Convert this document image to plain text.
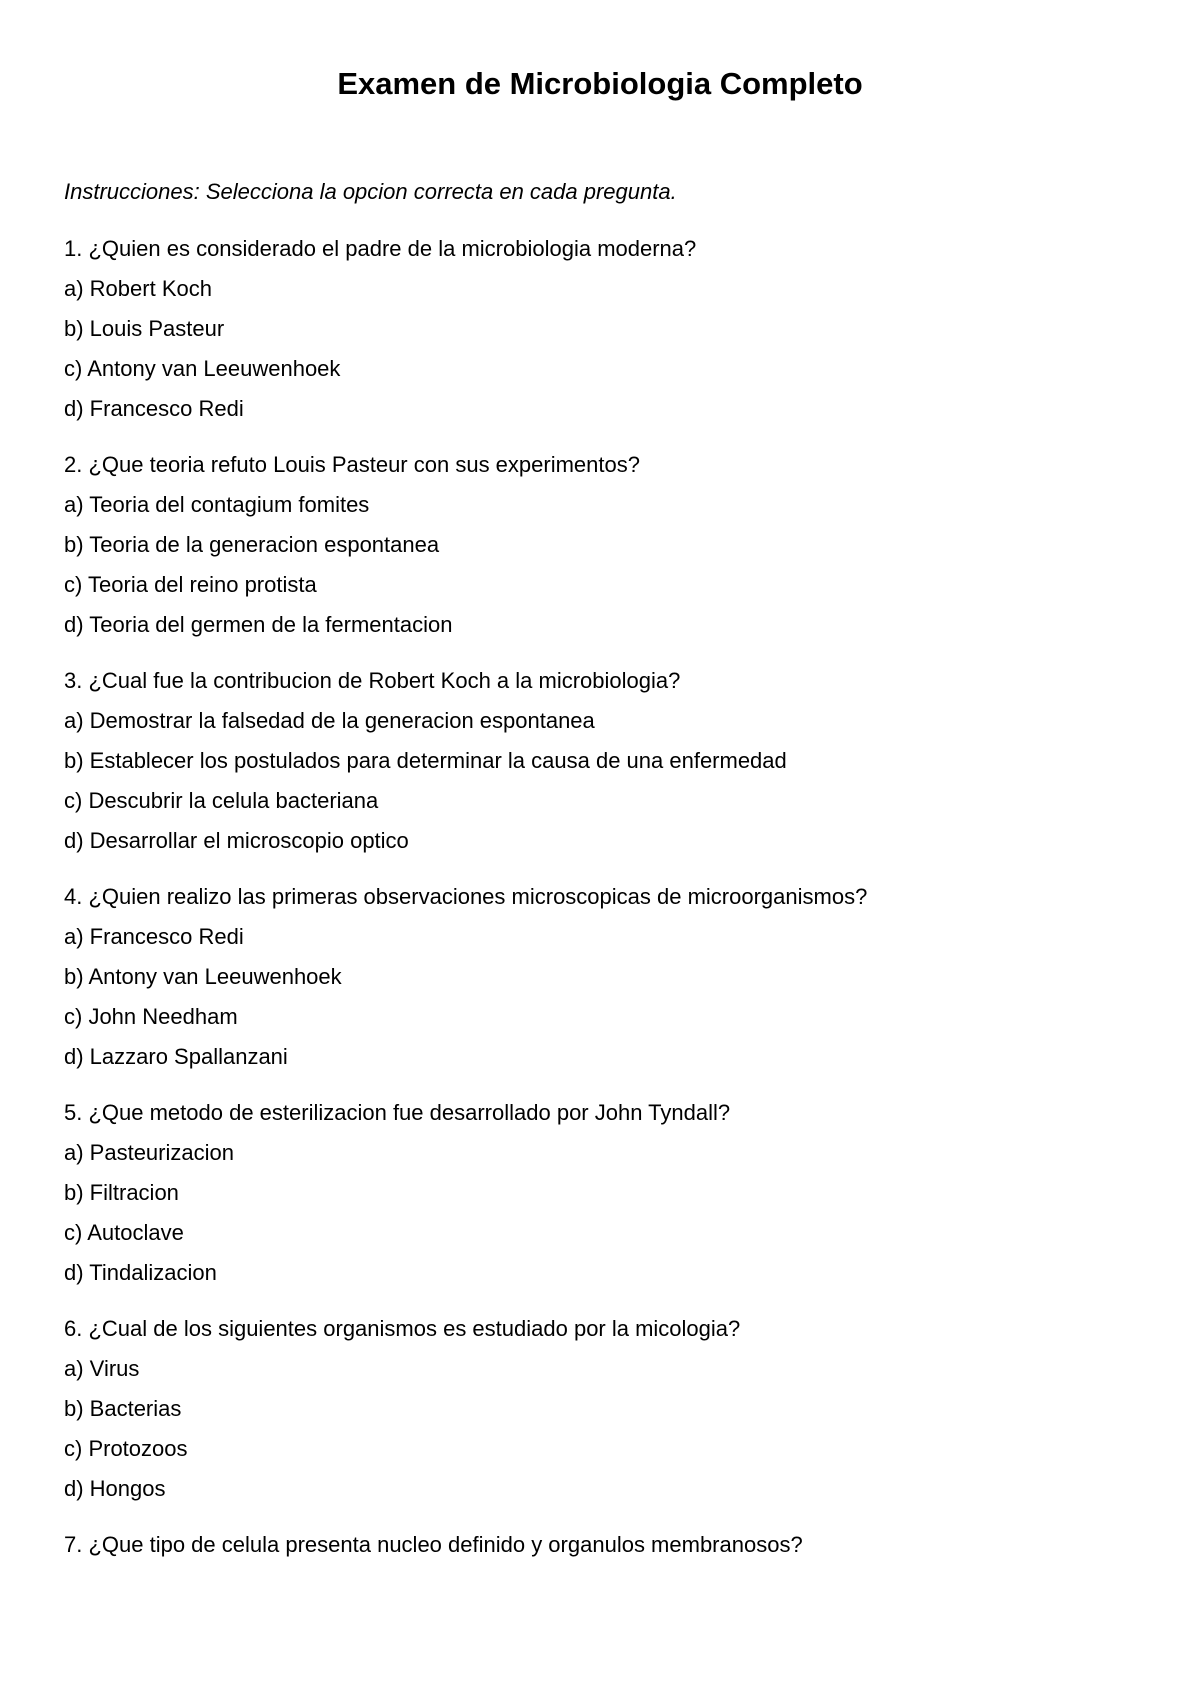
Examen de Microbiologia Completo

Instrucciones: Selecciona la opcion correcta en cada pregunta.

1. ¿Quien es considerado el padre de la microbiologia moderna?
a) Robert Koch
b) Louis Pasteur
c) Antony van Leeuwenhoek
d) Francesco Redi
2. ¿Que teoria refuto Louis Pasteur con sus experimentos?
a) Teoria del contagium fomites
b) Teoria de la generacion espontanea
c) Teoria del reino protista
d) Teoria del germen de la fermentacion
3. ¿Cual fue la contribucion de Robert Koch a la microbiologia?
a) Demostrar la falsedad de la generacion espontanea
b) Establecer los postulados para determinar la causa de una enfermedad
c) Descubrir la celula bacteriana
d) Desarrollar el microscopio optico
4. ¿Quien realizo las primeras observaciones microscopicas de microorganismos?
a) Francesco Redi
b) Antony van Leeuwenhoek
c) John Needham
d) Lazzaro Spallanzani
5. ¿Que metodo de esterilizacion fue desarrollado por John Tyndall?
a) Pasteurizacion
b) Filtracion
c) Autoclave
d) Tindalizacion
6. ¿Cual de los siguientes organismos es estudiado por la micologia?
a) Virus
b) Bacterias
c) Protozoos
d) Hongos
7. ¿Que tipo de celula presenta nucleo definido y organulos membranosos?
